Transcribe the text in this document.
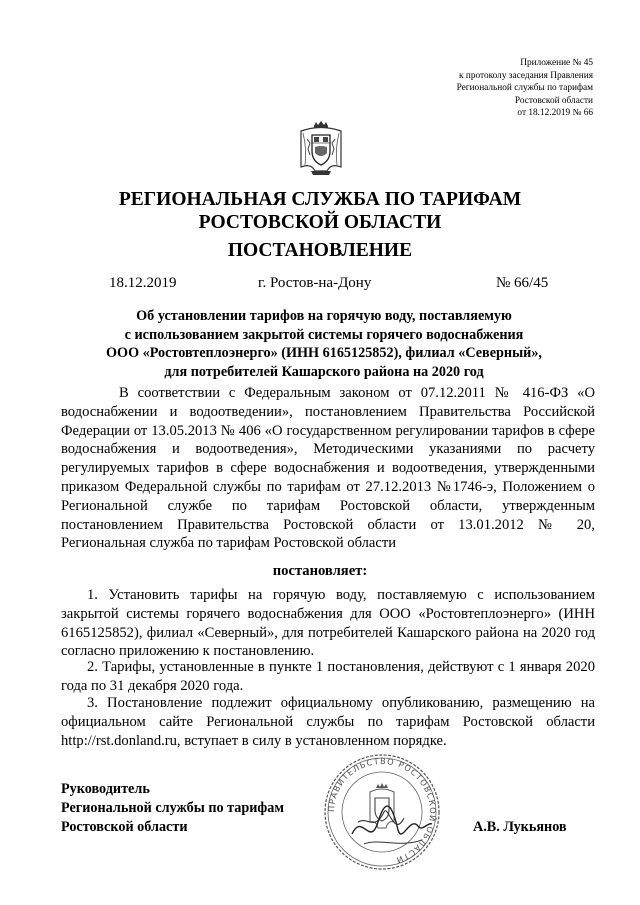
Приложение № 45
к протоколу заседания Правления
Региональной службы по тарифам
Ростовской области
от 18.12.2019 № 66
РЕГИОНАЛЬНАЯ СЛУЖБА ПО ТАРИФАМ
РОСТОВСКОЙ ОБЛАСТИ
ПОСТАНОВЛЕНИЕ
18.12.2019	г. Ростов-на-Дону	№ 66/45
Об установлении тарифов на горячую воду, поставляемую
с использованием закрытой системы горячего водоснабжения
ООО «Ростовтеплоэнерго» (ИНН 6165125852), филиал «Северный»,
для потребителей Кашарского района на 2020 год
В соответствии с Федеральным законом от 07.12.2011 № 416-ФЗ «О водоснабжении и водоотведении», постановлением Правительства Российской Федерации от 13.05.2013 № 406 «О государственном регулировании тарифов в сфере водоснабжения и водоотведения», Методическими указаниями по расчету регулируемых тарифов в сфере водоснабжения и водоотведения, утвержденными приказом Федеральной службы по тарифам от 27.12.2013 №1746-э, Положением о Региональной службе по тарифам Ростовской области, утвержденным постановлением Правительства Ростовской области от 13.01.2012 № 20, Региональная служба по тарифам Ростовской области
постановляет:
1. Установить тарифы на горячую воду, поставляемую с использованием закрытой системы горячего водоснабжения для ООО «Ростовтеплоэнерго» (ИНН 6165125852), филиал «Северный», для потребителей Кашарского района на 2020 год согласно приложению к постановлению.
2. Тарифы, установленные в пункте 1 постановления, действуют с 1 января 2020 года по 31 декабря 2020 года.
3. Постановление подлежит официальному опубликованию, размещению на официальном сайте Региональной службы по тарифам Ростовской области http://rst.donland.ru, вступает в силу в установленном порядке.
Руководитель
Региональной службы по тарифам
Ростовской области
ПРАВИТЕЛЬСТВО РОСТОВСКОЙ ОБЛАСТИ
А.В. Лукьянов
